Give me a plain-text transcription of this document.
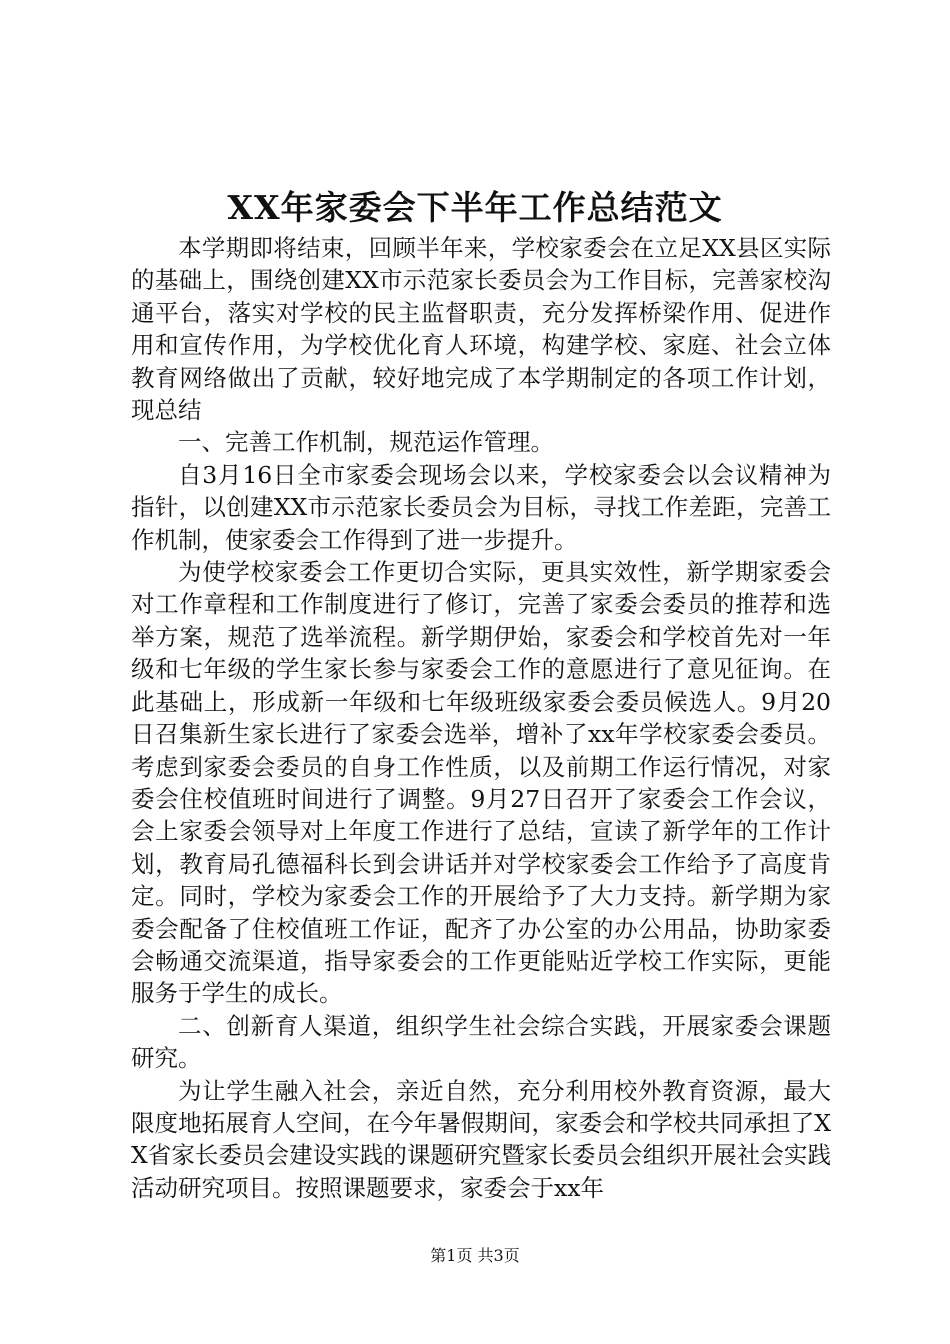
XX年家委会下半年工作总结范文

本学期即将结束，回顾半年来，学校家委会在立足XX县区实际的基础上，围绕创建XX市示范家长委员会为工作目标，完善家校沟通平台，落实对学校的民主监督职责，充分发挥桥梁作用、促进作用和宣传作用，为学校优化育人环境，构建学校、家庭、社会立体教育网络做出了贡献，较好地完成了本学期制定的各项工作计划，现总结

一、完善工作机制，规范运作管理。

自3月16日全市家委会现场会以来，学校家委会以会议精神为指针，以创建XX市示范家长委员会为目标，寻找工作差距，完善工作机制，使家委会工作得到了进一步提升。

为使学校家委会工作更切合实际，更具实效性，新学期家委会对工作章程和工作制度进行了修订，完善了家委会委员的推荐和选举方案，规范了选举流程。新学期伊始，家委会和学校首先对一年级和七年级的学生家长参与家委会工作的意愿进行了意见征询。在此基础上，形成新一年级和七年级班级家委会委员候选人。9月20日召集新生家长进行了家委会选举，增补了xx年学校家委会委员。考虑到家委会委员的自身工作性质，以及前期工作运行情况，对家委会住校值班时间进行了调整。9月27日召开了家委会工作会议，会上家委会领导对上年度工作进行了总结，宣读了新学年的工作计划，教育局孔德福科长到会讲话并对学校家委会工作给予了高度肯定。同时，学校为家委会工作的开展给予了大力支持。新学期为家委会配备了住校值班工作证，配齐了办公室的办公用品，协助家委会畅通交流渠道，指导家委会的工作更能贴近学校工作实际，更能服务于学生的成长。

二、创新育人渠道，组织学生社会综合实践，开展家委会课题研究。

为让学生融入社会，亲近自然，充分利用校外教育资源，最大限度地拓展育人空间，在今年暑假期间，家委会和学校共同承担了XX省家长委员会建设实践的课题研究暨家长委员会组织开展社会实践活动研究项目。按照课题要求，家委会于xx年

第1页 共3页
